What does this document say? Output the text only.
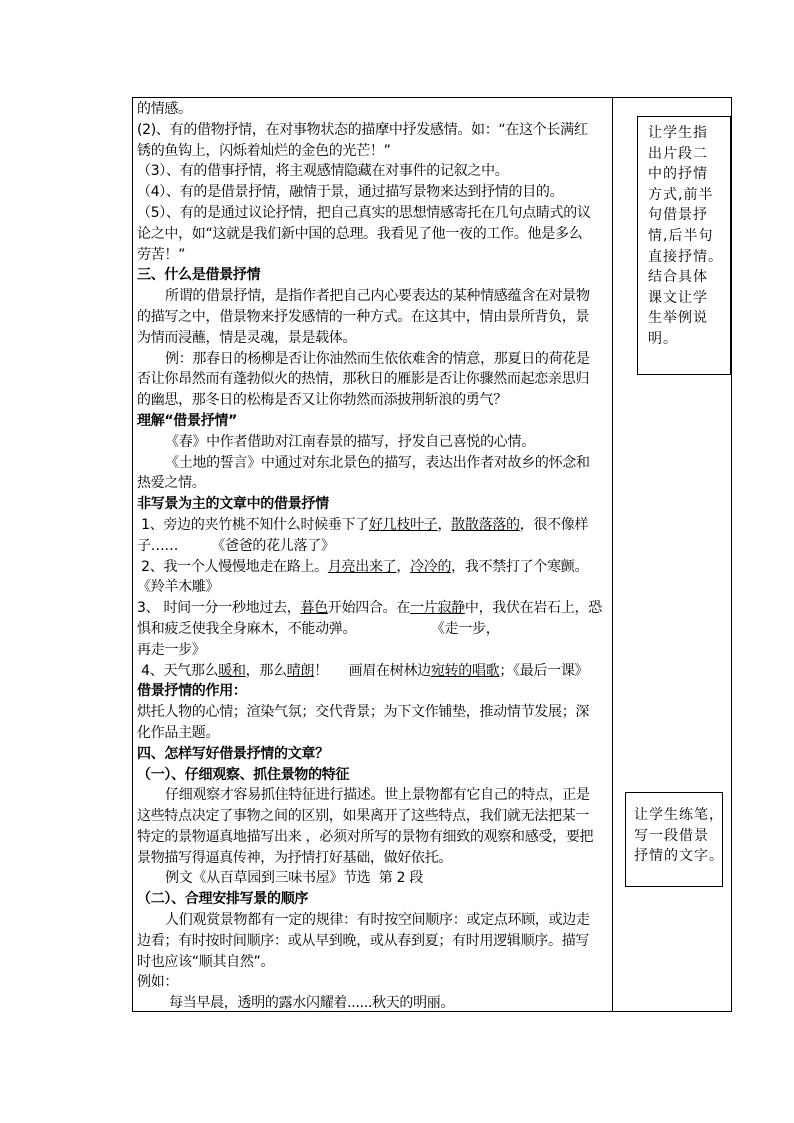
的情感。
(2)、有的借物抒情，在对事物状态的描摩中抒发感情。如：“在这个长满红
锈的鱼钩上，闪烁着灿烂的金色的光芒！”
（3）、有的借事抒情，将主观感情隐藏在对事件的记叙之中。
（4）、有的是借景抒情，融情于景，通过描写景物来达到抒情的目的。
（5）、有的是通过议论抒情，把自己真实的思想情感寄托在几句点睛式的议
论之中，如“这就是我们新中国的总理。我看见了他一夜的工作。他是多么
劳苦！”
三、什么是借景抒情
所谓的借景抒情，是指作者把自己内心要表达的某种情感蕴含在对景物
的描写之中，借景物来抒发感情的一种方式。在这其中，情由景所背负，景
为情而浸蘸，情是灵魂，景是载体。
例：那春日的杨柳是否让你油然而生依依难舍的情意，那夏日的荷花是
否让你昂然而有蓬勃似火的热情，那秋日的雁影是否让你骤然而起恋亲思归
的幽思，那冬日的松梅是否又让你勃然而添披荆斩浪的勇气？
理解“借景抒情”
《春》中作者借助对江南春景的描写，抒发自己喜悦的心情。
《土地的誓言》中通过对东北景色的描写，表达出作者对故乡的怀念和
热爱之情。
非写景为主的文章中的借景抒情
1、旁边的夹竹桃不知什么时候垂下了好几枝叶子，散散落落的，很不像样
子……        《爸爸的花儿落了》
2、我一个人慢慢地走在路上。月亮出来了，冷冷的，我不禁打了个寒颤。
《羚羊木雕》
3、 时间一分一秒地过去，暮色开始四合。在一片寂静中，我伏在岩石上，恐
惧和疲乏使我全身麻木，不能动弹。	《走一步，
再走一步》
4、天气那么暖和，那么晴朗！     画眉在树林边宛转的唱歌；《最后一课》
借景抒情的作用：
烘托人物的心情；渲染气氛；交代背景；为下文作铺垫，推动情节发展；深
化作品主题。
四、怎样写好借景抒情的文章？
（一）、仔细观察、抓住景物的特征
仔细观察才容易抓住特征进行描述。世上景物都有它自己的特点，正是
这些特点决定了事物之间的区别，如果离开了这些特点，我们就无法把某一
特定的景物逼真地描写出来 ，必须对所写的景物有细致的观察和感受，要把
景物描写得逼真传神，为抒情打好基础，做好依托。
例文《从百草园到三味书屋》节选  第 2 段
（二）、合理安排写景的顺序
人们观赏景物都有一定的规律：有时按空间顺序：或定点环顾，或边走
边看；有时按时间顺序：或从早到晚，或从春到夏；有时用逻辑顺序。描写
时也应该“顺其自然”。
例如：
每当早晨，透明的露水闪耀着......秋天的明丽。
让学生指
出片段二
中的抒情
方式,前半
句借景抒
情,后半句
直接抒情。
结合具体
课文让学
生举例说
明。
让学生练笔，
写一段借景
抒情的文字。
